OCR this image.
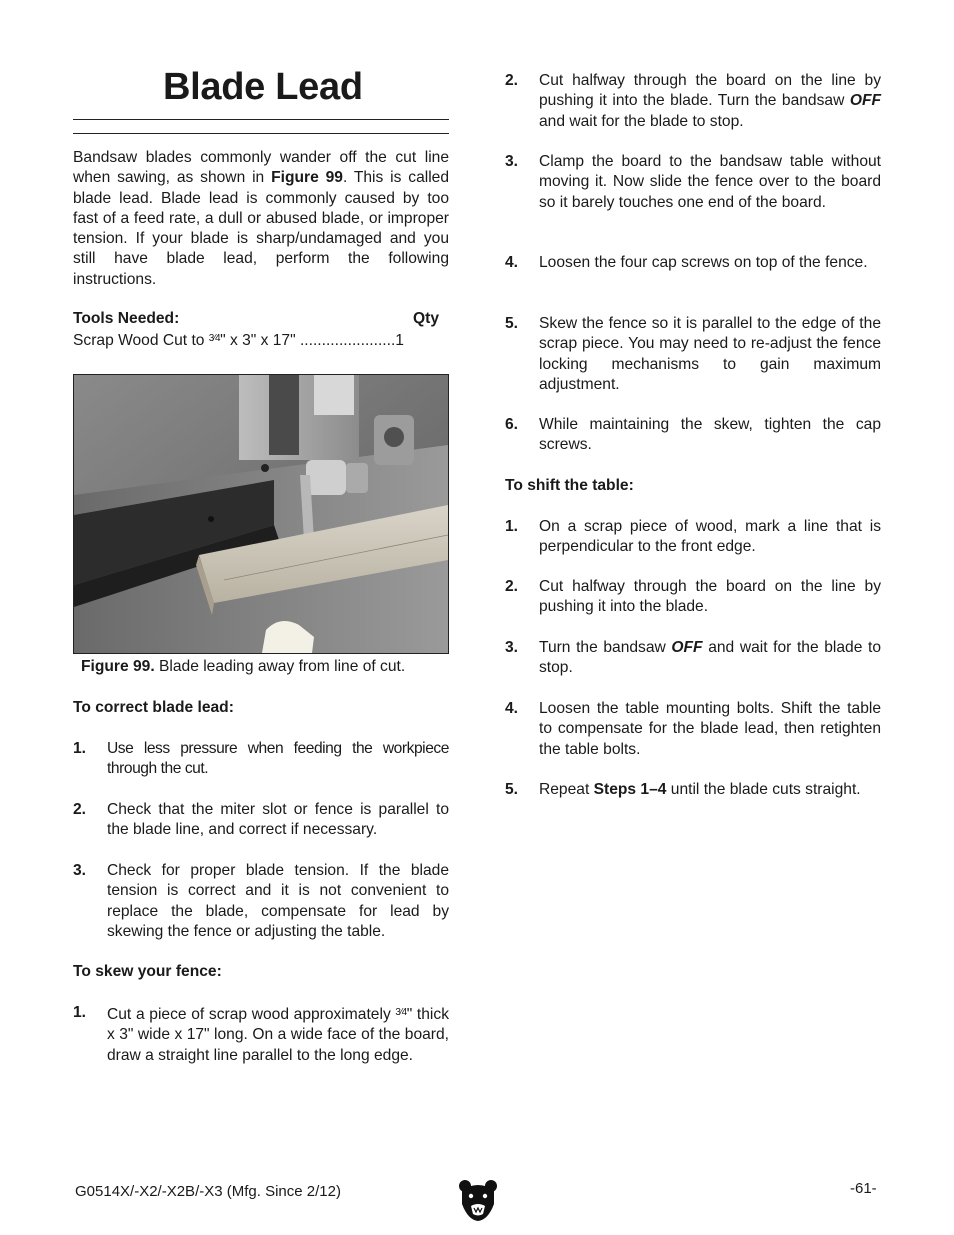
Blade Lead

Bandsaw blades commonly wander off the cut line when sawing, as shown in Figure 99. This is called blade lead. Blade lead is commonly caused by too fast of a feed rate, a dull or abused blade, or improper tension. If your blade is sharp/undamaged and you still have blade lead, perform the following instructions.

Tools Needed:	Qty
Scrap Wood Cut to $^{3⁄4}$" x 3" x 17" ......................1
Figure 99. Blade leading away from line of cut.
To correct blade lead:
1. Use less pressure when feeding the workpiece through the cut.

2. Check that the miter slot or fence is parallel to the blade line, and correct if necessary.

3. Check for proper blade tension. If the blade tension is correct and it is not convenient to replace the blade, compensate for lead by skewing the fence or adjusting the table.

To skew your fence:
1. Cut a piece of scrap wood approximately $^{3⁄4}$" thick x 3" wide x 17" long. On a wide face of the board, draw a straight line parallel to the long edge.

2. Cut halfway through the board on the line by pushing it into the blade. Turn the bandsaw OFF and wait for the blade to stop.

3. Clamp the board to the bandsaw table without moving it. Now slide the fence over to the board so it barely touches one end of the board.

4. Loosen the four cap screws on top of the fence.

5. Skew the fence so it is parallel to the edge of the scrap piece. You may need to re-adjust the fence locking mechanisms to gain maximum adjustment.

6. While maintaining the skew, tighten the cap screws.

To shift the table:
1. On a scrap piece of wood, mark a line that is perpendicular to the front edge.

2. Cut halfway through the board on the line by pushing it into the blade.

3. Turn the bandsaw OFF and wait for the blade to stop.

4. Loosen the table mounting bolts. Shift the table to compensate for the blade lead, then retighten the table bolts.

5. Repeat Steps 1–4 until the blade cuts straight.

G0514X/-X2/-X2B/-X3 (Mfg. Since 2/12)	-61-
